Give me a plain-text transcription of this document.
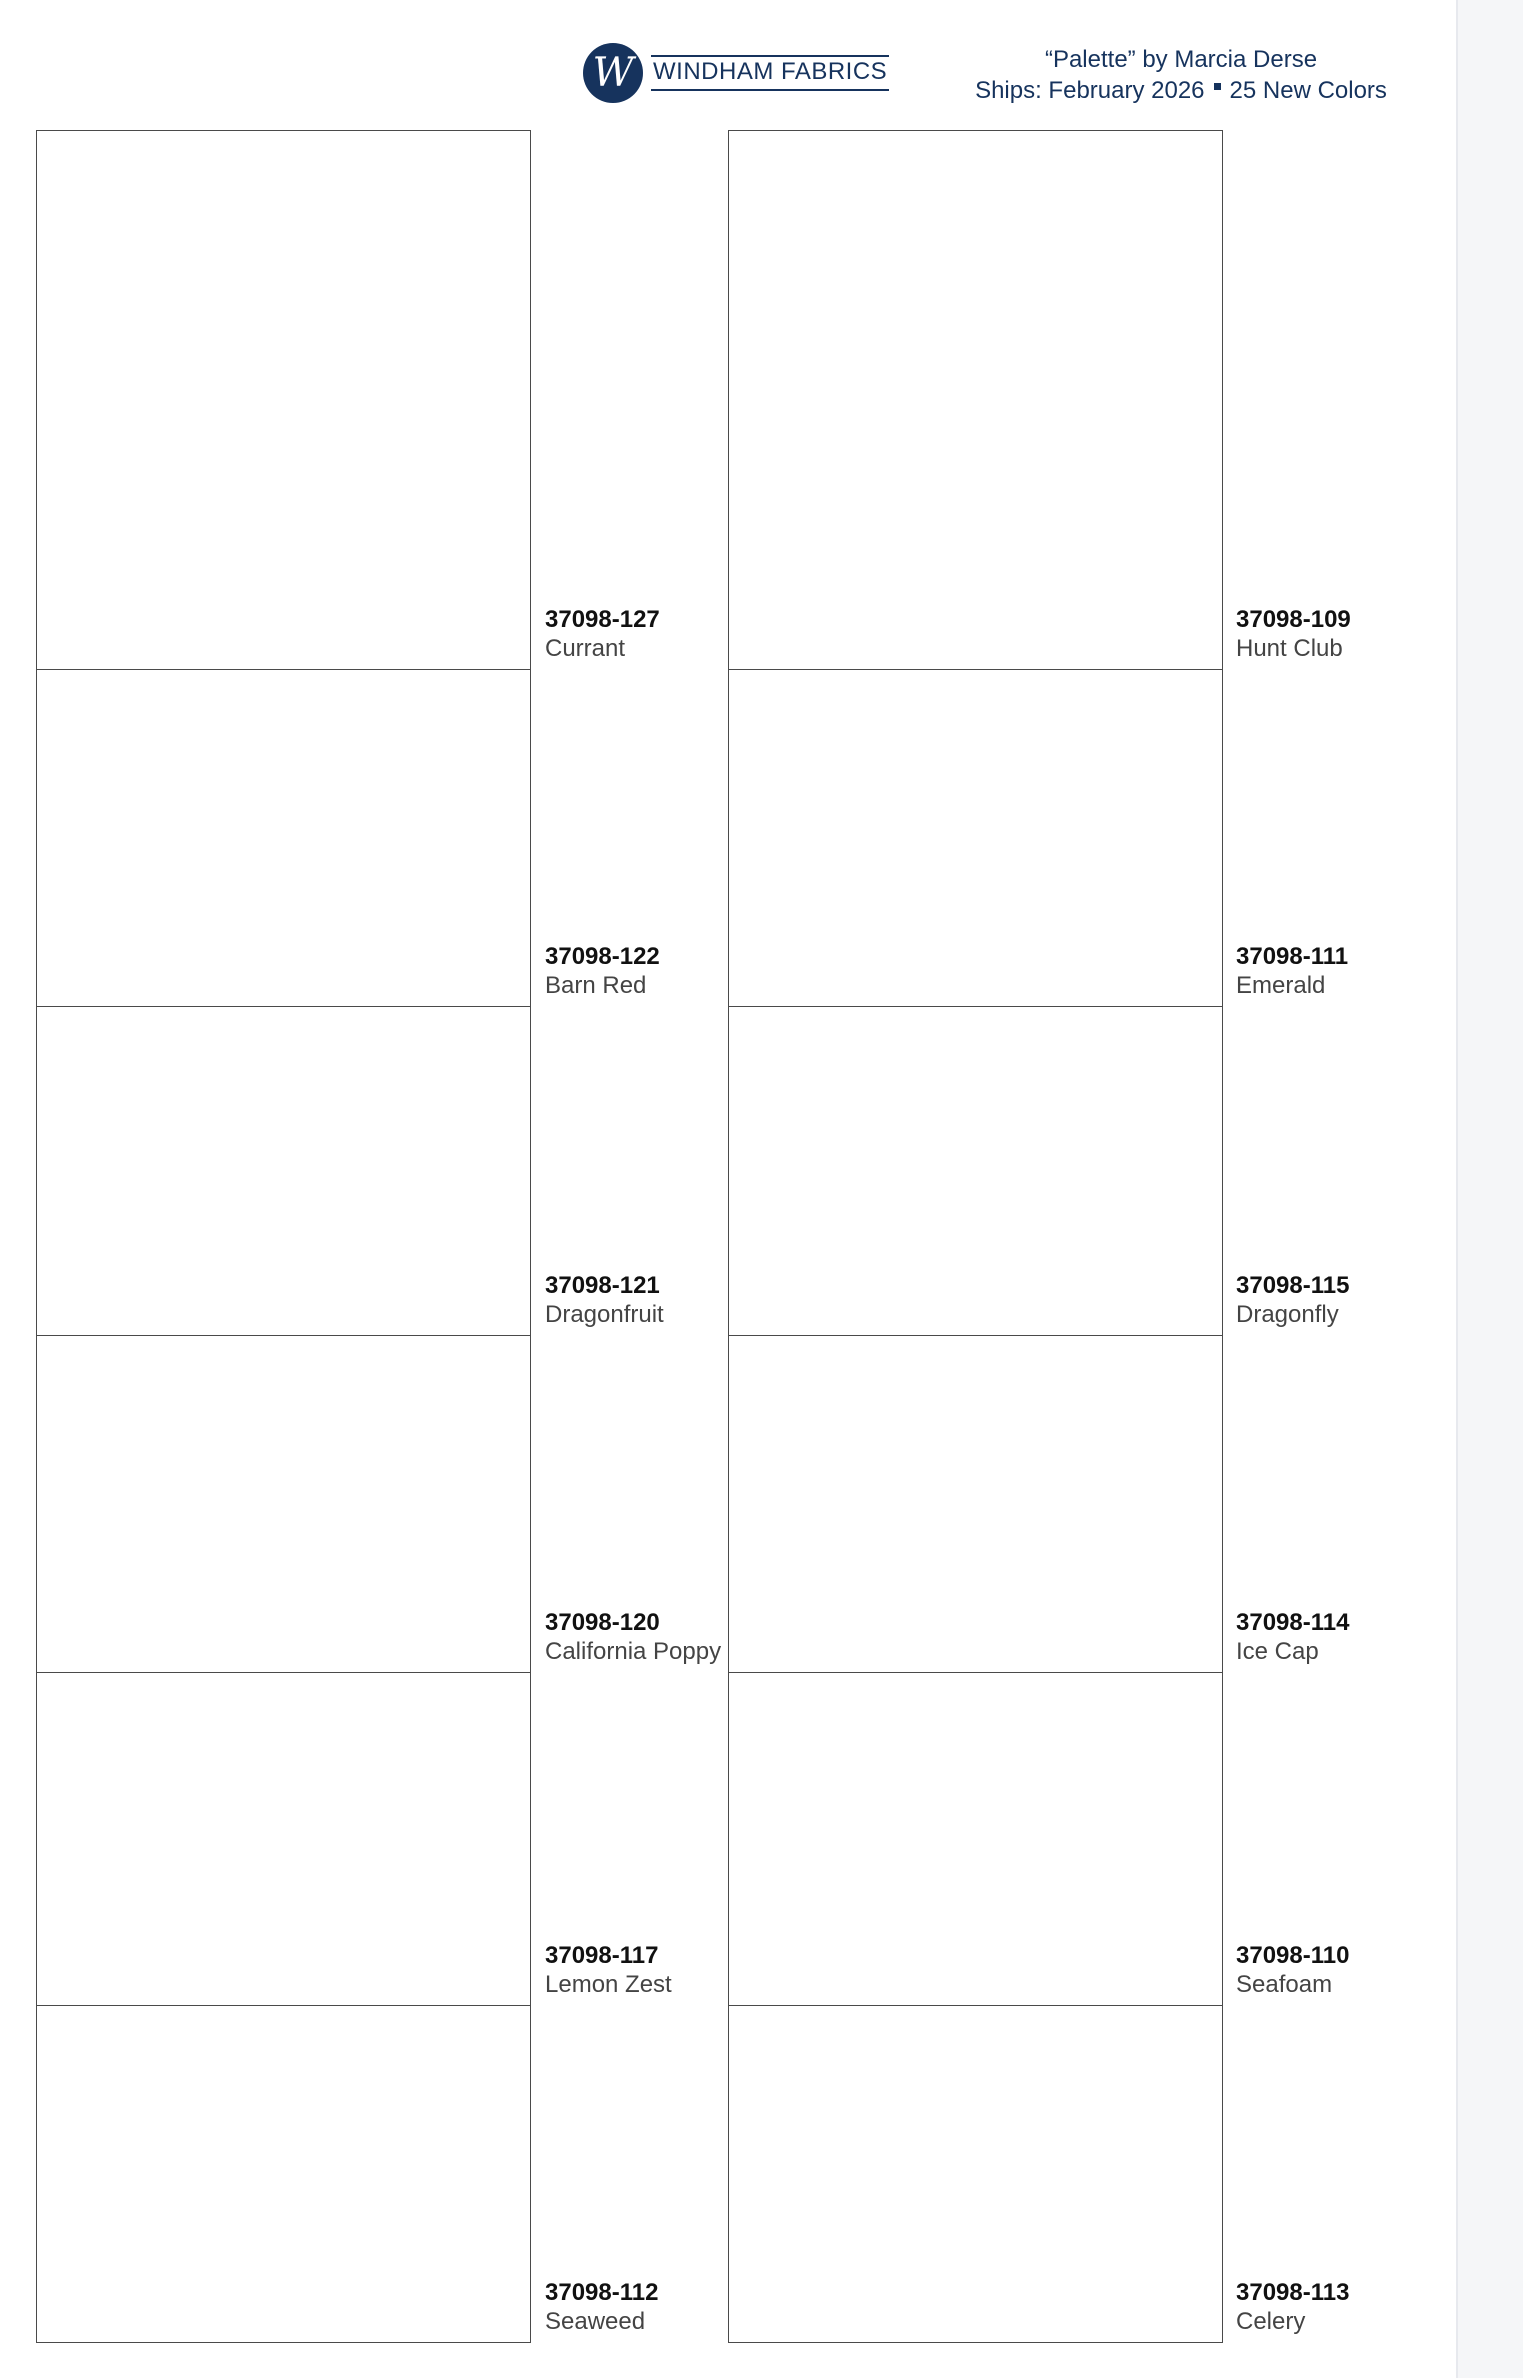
W WINDHAM FABRICS	“Palette” by Marcia Derse
Ships: February 2026 25 New Colors
37098-127
Currant
37098-122
Barn Red
37098-121
Dragonfruit
37098-120
California Poppy
37098-117
Lemon Zest
37098-112
Seaweed
37098-109
Hunt Club
37098-111
Emerald
37098-115
Dragonfly
37098-114
Ice Cap
37098-110
Seafoam
37098-113
Celery
